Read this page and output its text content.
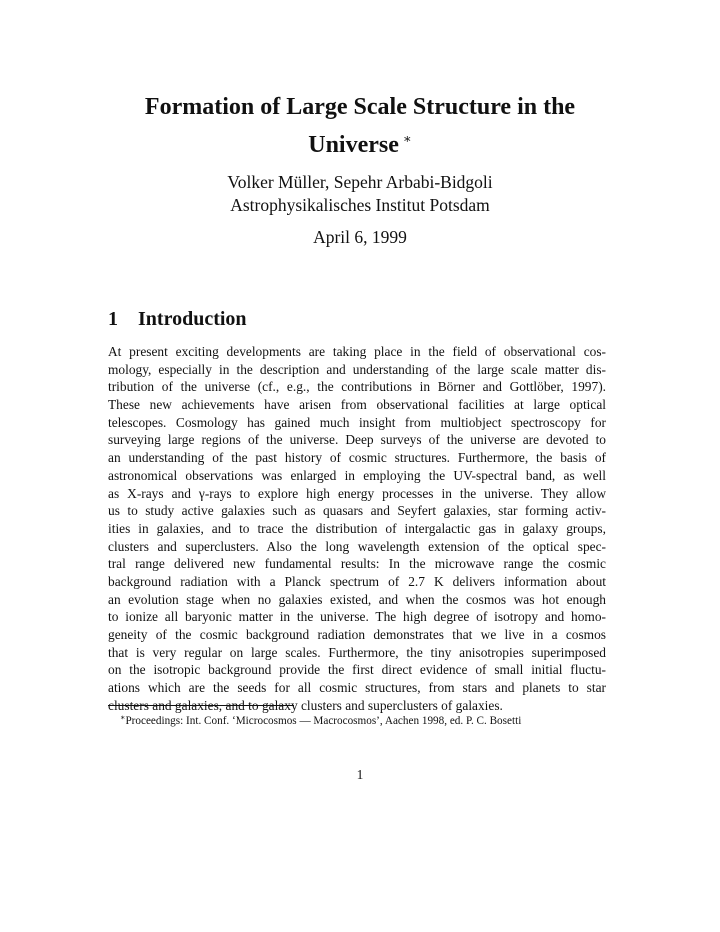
Formation of Large Scale Structure in the
Universe ∗
Volker Müller, Sepehr Arbabi-Bidgoli
Astrophysikalisches Institut Potsdam
April 6, 1999
1 Introduction
At present exciting developments are taking place in the field of observational cos-
mology, especially in the description and understanding of the large scale matter dis-
tribution of the universe (cf., e.g., the contributions in Börner and Gottlöber, 1997).
These new achievements have arisen from observational facilities at large optical
telescopes. Cosmology has gained much insight from multiobject spectroscopy for
surveying large regions of the universe. Deep surveys of the universe are devoted to
an understanding of the past history of cosmic structures. Furthermore, the basis of
astronomical observations was enlarged in employing the UV-spectral band, as well
as X-rays and γ-rays to explore high energy processes in the universe. They allow
us to study active galaxies such as quasars and Seyfert galaxies, star forming activ-
ities in galaxies, and to trace the distribution of intergalactic gas in galaxy groups,
clusters and superclusters. Also the long wavelength extension of the optical spec-
tral range delivered new fundamental results: In the microwave range the cosmic
background radiation with a Planck spectrum of 2.7 K delivers information about
an evolution stage when no galaxies existed, and when the cosmos was hot enough
to ionize all baryonic matter in the universe. The high degree of isotropy and homo-
geneity of the cosmic background radiation demonstrates that we live in a cosmos
that is very regular on large scales. Furthermore, the tiny anisotropies superimposed
on the isotropic background provide the first direct evidence of small initial fluctu-
ations which are the seeds for all cosmic structures, from stars and planets to star
clusters and galaxies, and to galaxy clusters and superclusters of galaxies.
∗Proceedings: Int. Conf. ‘Microcosmos — Macrocosmos’, Aachen 1998, ed. P. C. Bosetti
1
